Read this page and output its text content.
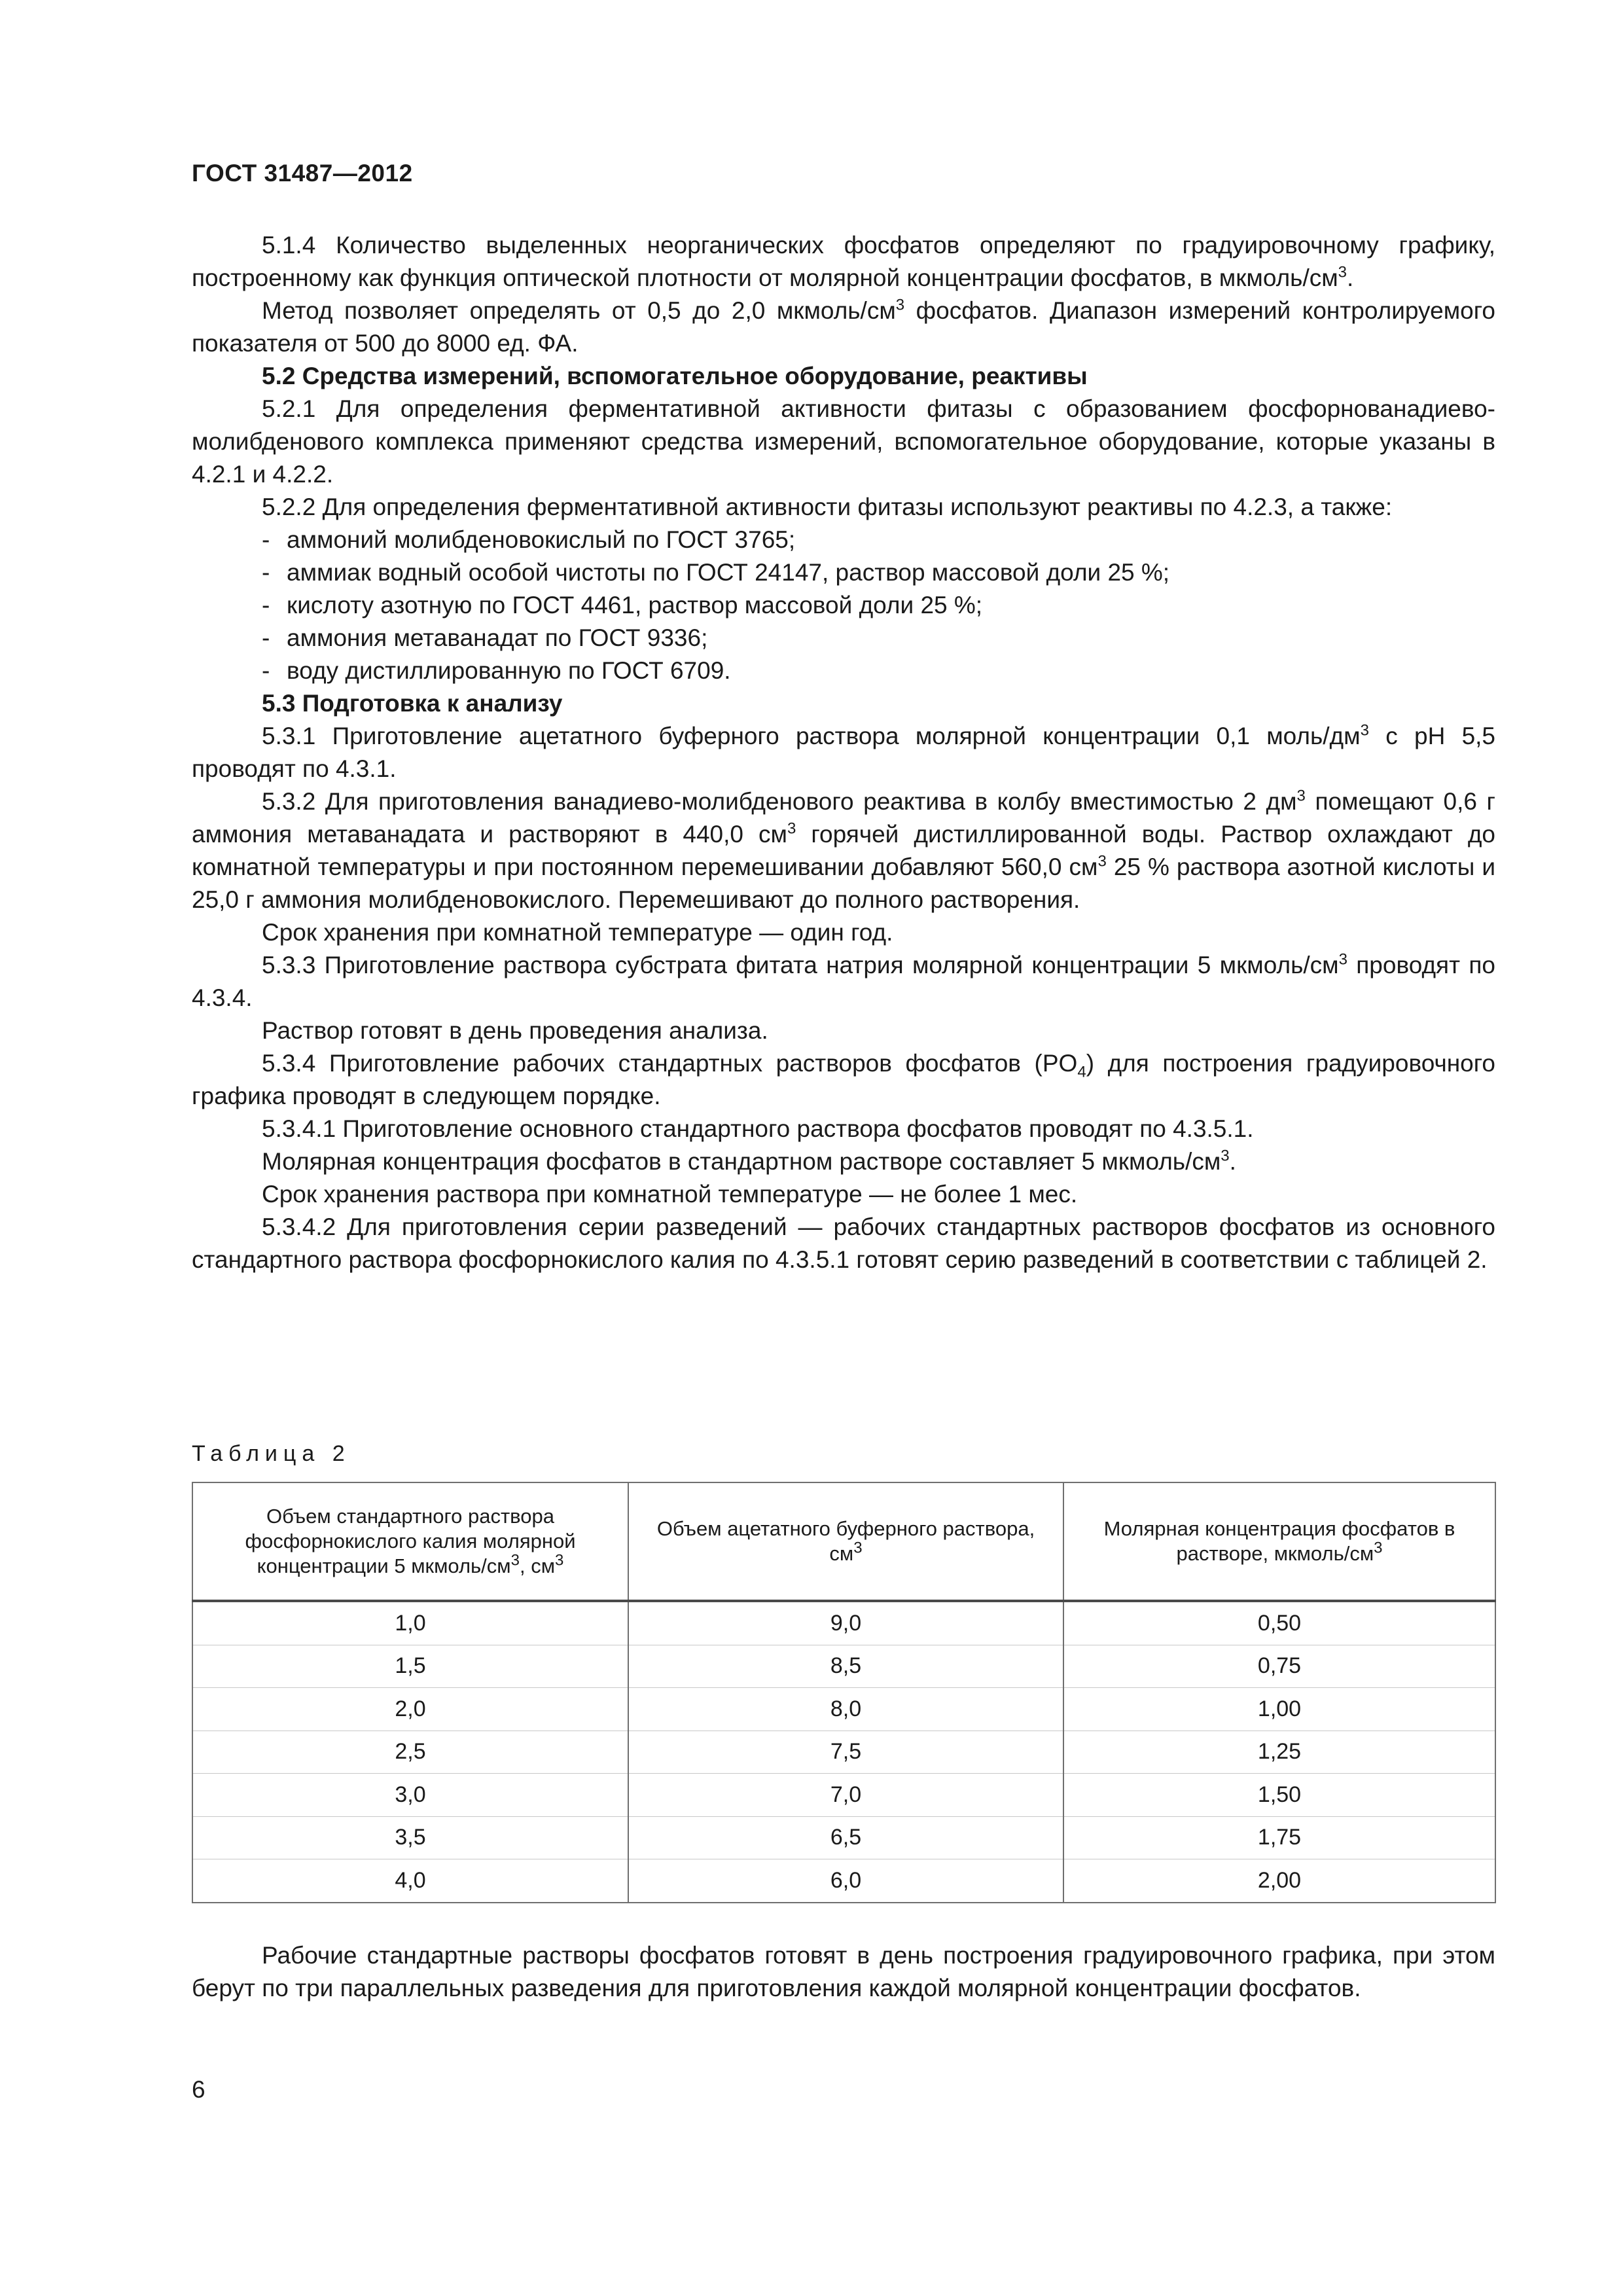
ГОСТ 31487—2012

5.1.4 Количество выделенных неорганических фосфатов определяют по градуировочному графику, построенному как функция оптической плотности от молярной концентрации фосфатов, в мкмоль/$см^3$.

Метод позволяет определять от 0,5 до 2,0 мкмоль/$см^3$ фосфатов. Диапазон измерений контролируемого показателя от 500 до 8000 ед. ФА.

5.2 Средства измерений, вспомогательное оборудование, реактивы

5.2.1 Для определения ферментативной активности фитазы с образованием фосфорнованадиево-молибденового комплекса применяют средства измерений, вспомогательное оборудование, которые указаны в 4.2.1 и 4.2.2.

5.2.2 Для определения ферментативной активности фитазы используют реактивы по 4.2.3, а также:

- аммоний молибденовокислый по ГОСТ 3765;

- аммиак водный особой чистоты по ГОСТ 24147, раствор массовой доли 25 %;

- кислоту азотную по ГОСТ 4461, раствор массовой доли 25 %;

- аммония метаванадат по ГОСТ 9336;

- воду дистиллированную по ГОСТ 6709.

5.3 Подготовка к анализу

5.3.1 Приготовление ацетатного буферного раствора молярной концентрации 0,1 моль/$дм^3$ с pH 5,5 проводят по 4.3.1.

5.3.2 Для приготовления ванадиево-молибденового реактива в колбу вместимостью 2 $дм^3$ помещают 0,6 г аммония метаванадата и растворяют в 440,0 $см^3$ горячей дистиллированной воды. Раствор охлаждают до комнатной температуры и при постоянном перемешивании добавляют 560,0 $см^3$ 25 % раствора азотной кислоты и 25,0 г аммония молибденовокислого. Перемешивают до полного растворения.

Срок хранения при комнатной температуре — один год.

5.3.3 Приготовление раствора субстрата фитата натрия молярной концентрации 5 мкмоль/$см^3$ проводят по 4.3.4.

Раствор готовят в день проведения анализа.

5.3.4 Приготовление рабочих стандартных растворов фосфатов $(PO_4)$ для построения градуировочного графика проводят в следующем порядке.

5.3.4.1 Приготовление основного стандартного раствора фосфатов проводят по 4.3.5.1.

Молярная концентрация фосфатов в стандартном растворе составляет 5 мкмоль/$см^3$.

Срок хранения раствора при комнатной температуре — не более 1 мес.

5.3.4.2 Для приготовления серии разведений — рабочих стандартных растворов фосфатов из основного стандартного раствора фосфорнокислого калия по 4.3.5.1 готовят серию разведений в соответствии с таблицей 2.

Таблица 2
Объем стандартного раствора фосфорнокислого калия молярной концентрации 5 мкмоль/$см^3$, $см^3$	Объем ацетатного буферного раствора, $см^3$	Молярная концентрация фосфатов в растворе, мкмоль/$см^3$
1,0	9,0	0,50
1,5	8,5	0,75
2,0	8,0	1,00
2,5	7,5	1,25
3,0	7,0	1,50
3,5	6,5	1,75
4,0	6,0	2,00

Рабочие стандартные растворы фосфатов готовят в день построения градуировочного графика, при этом берут по три параллельных разведения для приготовления каждой молярной концентрации фосфатов.

6
